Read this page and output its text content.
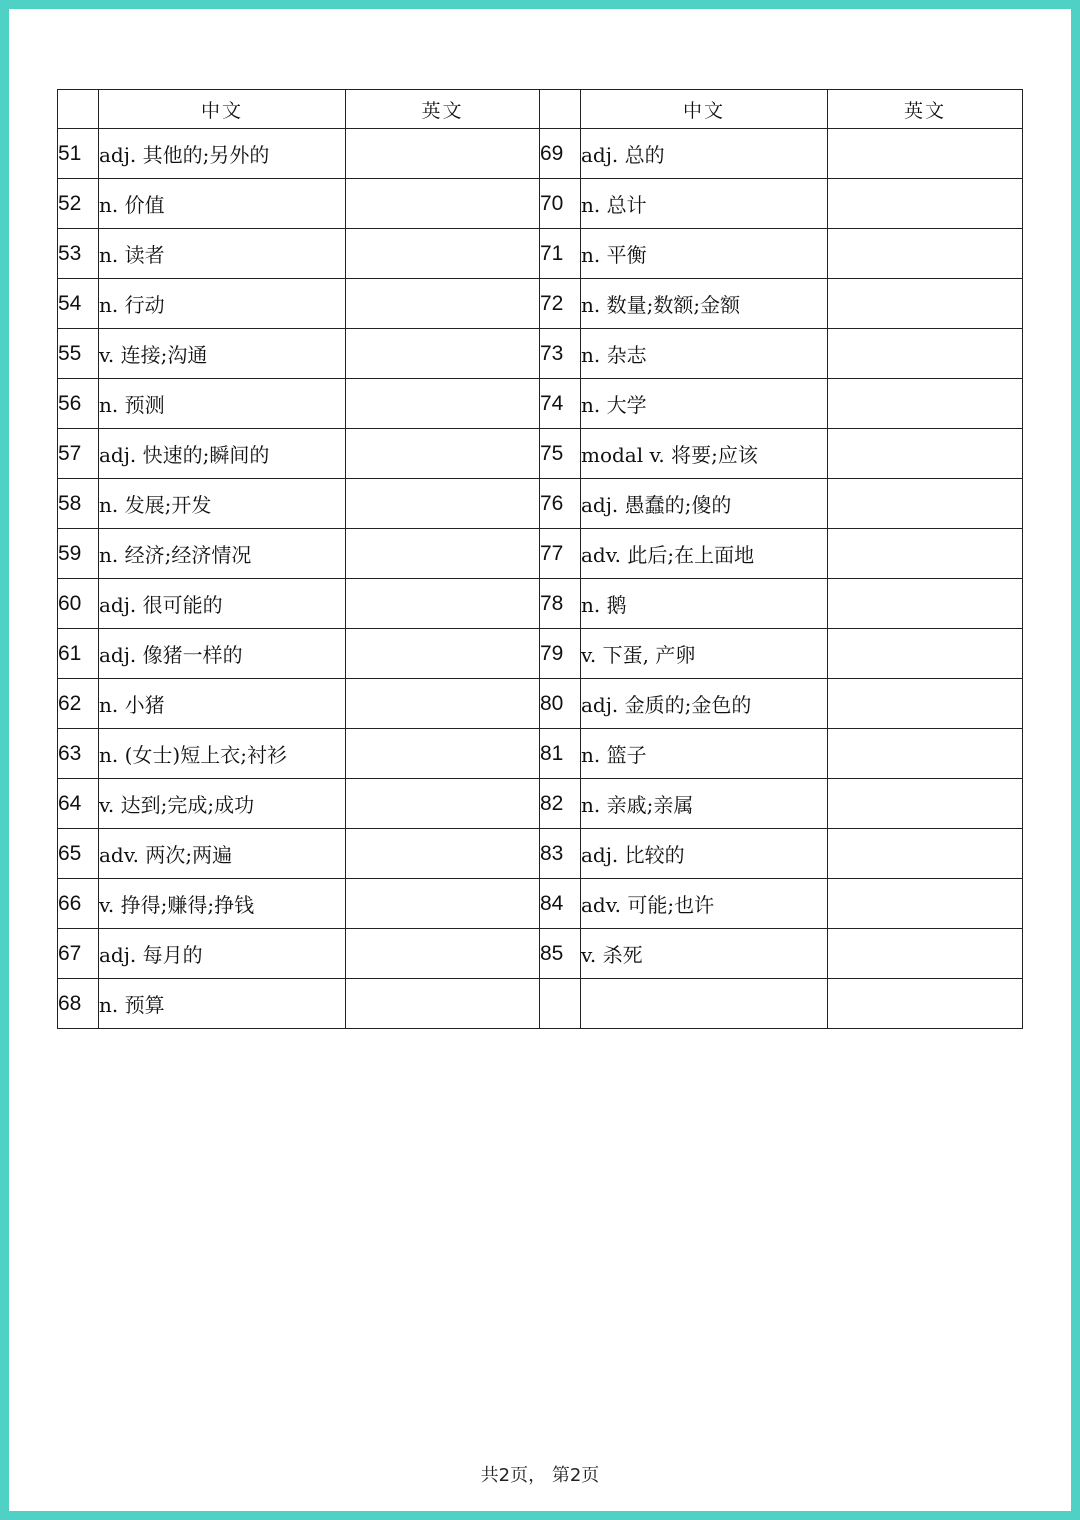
	中文	英文		中文	英文
51	adj. 其他的;另外的		69	adj. 总的	
52	n. 价值		70	n. 总计	
53	n. 读者		71	n. 平衡	
54	n. 行动		72	n. 数量;数额;金额	
55	v. 连接;沟通		73	n. 杂志	
56	n. 预测		74	n. 大学	
57	adj. 快速的;瞬间的		75	modal v. 将要;应该	
58	n. 发展;开发		76	adj. 愚蠢的;傻的	
59	n. 经济;经济情况		77	adv. 此后;在上面地	
60	adj. 很可能的		78	n. 鹅	
61	adj. 像猪一样的		79	v. 下蛋, 产卵	
62	n. 小猪		80	adj. 金质的;金色的	
63	n. (女士)短上衣;衬衫		81	n. 篮子	
64	v. 达到;完成;成功		82	n. 亲戚;亲属	
65	adv. 两次;两遍		83	adj. 比较的	
66	v. 挣得;赚得;挣钱		84	adv. 可能;也许	
67	adj. 每月的		85	v. 杀死	
68	n. 预算				
共2页， 第2页
